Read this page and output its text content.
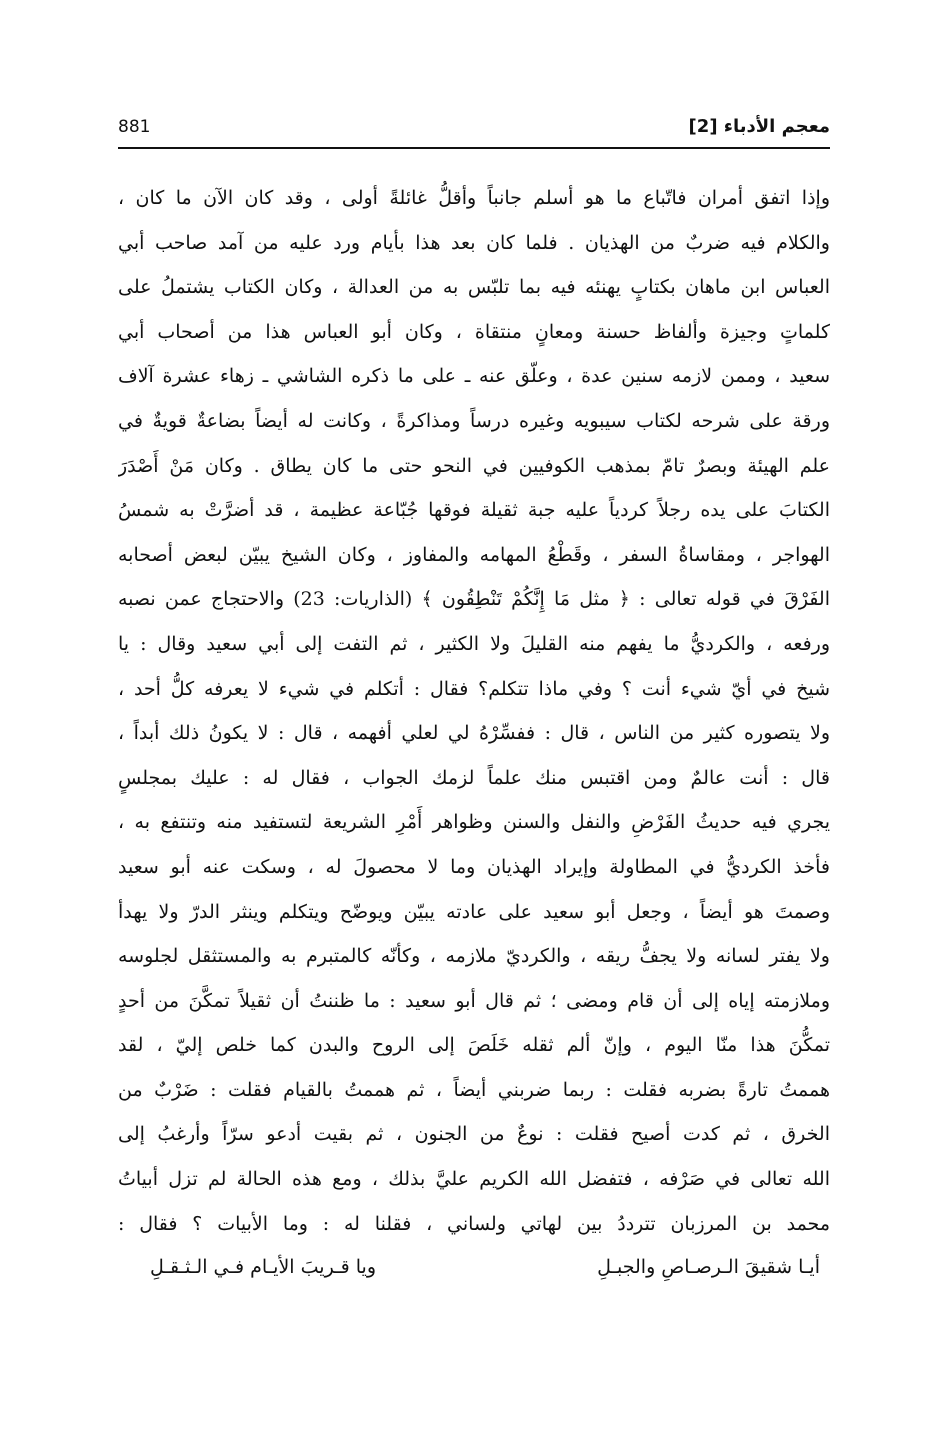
معجم الأدباء [2]
881
وإذا اتفق أمران فاتّباع ما هو أسلم جانباً وأقلُّ غائلةً أولى ، وقد كان الآن ما كان ،
والكلام فيه ضربٌ من الهذيان . فلما كان بعد هذا بأيام ورد عليه من آمد صاحب أبي
العباس ابن ماهان بكتابٍ يهنئه فيه بما تلبّس به من العدالة ، وكان الكتاب يشتملُ على
كلماتٍ وجيزة وألفاظ حسنة ومعانٍ منتقاة ، وكان أبو العباس هذا من أصحاب أبي
سعيد ، وممن لازمه سنين عدة ، وعلّق عنه ـ على ما ذكره الشاشي ـ زهاء عشرة آلاف
ورقة على شرحه لكتاب سيبويه وغيره درساً ومذاكرةً ، وكانت له أيضاً بضاعةٌ قويةٌ في
علم الهيئة وبصرٌ تامّ بمذهب الكوفيين في النحو حتى ما كان يطاق . وكان مَنْ أَصْدَرَ
الكتابَ على يده رجلاً كردياً عليه جبة ثقيلة فوقها جُبّاعة عظيمة ، قد أضرَّتْ به شمسُ
الهواجر ، ومقاساةُ السفر ، وقَطْعُ المهامه والمفاوز ، وكان الشيخ يبيّن لبعض أصحابه
الفَرْقَ في قوله تعالى : ﴿ مثل مَا إِنَّكُمْ تَنْطِقُون ﴾ (الذاريات: 23) والاحتجاج عمن نصبه
ورفعه ، والكرديُّ ما يفهم منه القليلَ ولا الكثير ، ثم التفت إلى أبي سعيد وقال : يا
شيخ في أيّ شيء أنت ؟ وفي ماذا تتكلم؟ فقال : أتكلم في شيء لا يعرفه كلُّ أحد ،
ولا يتصوره كثير من الناس ، قال : ففسِّرْهُ لي لعلي أفهمه ، قال : لا يكونُ ذلك أبداً ،
قال : أنت عالمٌ ومن اقتبس منك علماً لزمك الجواب ، فقال له : عليك بمجلسٍ
يجري فيه حديثُ الفَرْضِ والنفل والسنن وظواهر أَمْرِ الشريعة لتستفيد منه وتنتفع به ،
فأخذ الكرديُّ في المطاولة وإيراد الهذيان وما لا محصولَ له ، وسكت عنه أبو سعيد
وصمتَ هو أيضاً ، وجعل أبو سعيد على عادته يبيّن ويوضّح ويتكلم وينثر الدرّ ولا يهدأ
ولا يفتر لسانه ولا يجفُّ ريقه ، والكرديّ ملازمه ، وكأنّه كالمتبرم به والمستثقل لجلوسه
وملازمته إياه إلى أن قام ومضى ؛ ثم قال أبو سعيد : ما ظننتُ أن ثقيلاً تمكَّنَ من أحدٍ
تمكُّنَ هذا منّا اليوم ، وإنّ ألم ثقله خَلَصَ إلى الروح والبدن كما خلص إليّ ، لقد
هممتُ تارةً بضربه فقلت : ربما ضربني أيضاً ، ثم هممتُ بالقيام فقلت : ضَرْبٌ من
الخرق ، ثم كدت أصيح فقلت : نوعٌ من الجنون ، ثم بقيت أدعو سرّاً وأرغبُ إلى
الله تعالى في صَرْفه ، فتفضل الله الكريم عليَّ بذلك ، ومع هذه الحالة لم تزل أبياتُ
محمد بن المرزبان تترددُ بين لهاتي ولساني ، فقلنا له : وما الأبيات ؟ فقال :
أيـا شقيقَ الـرصـاصِ والجبـلِ
ويا قـريبَ الأيـام فـي الـثـقـلِ
